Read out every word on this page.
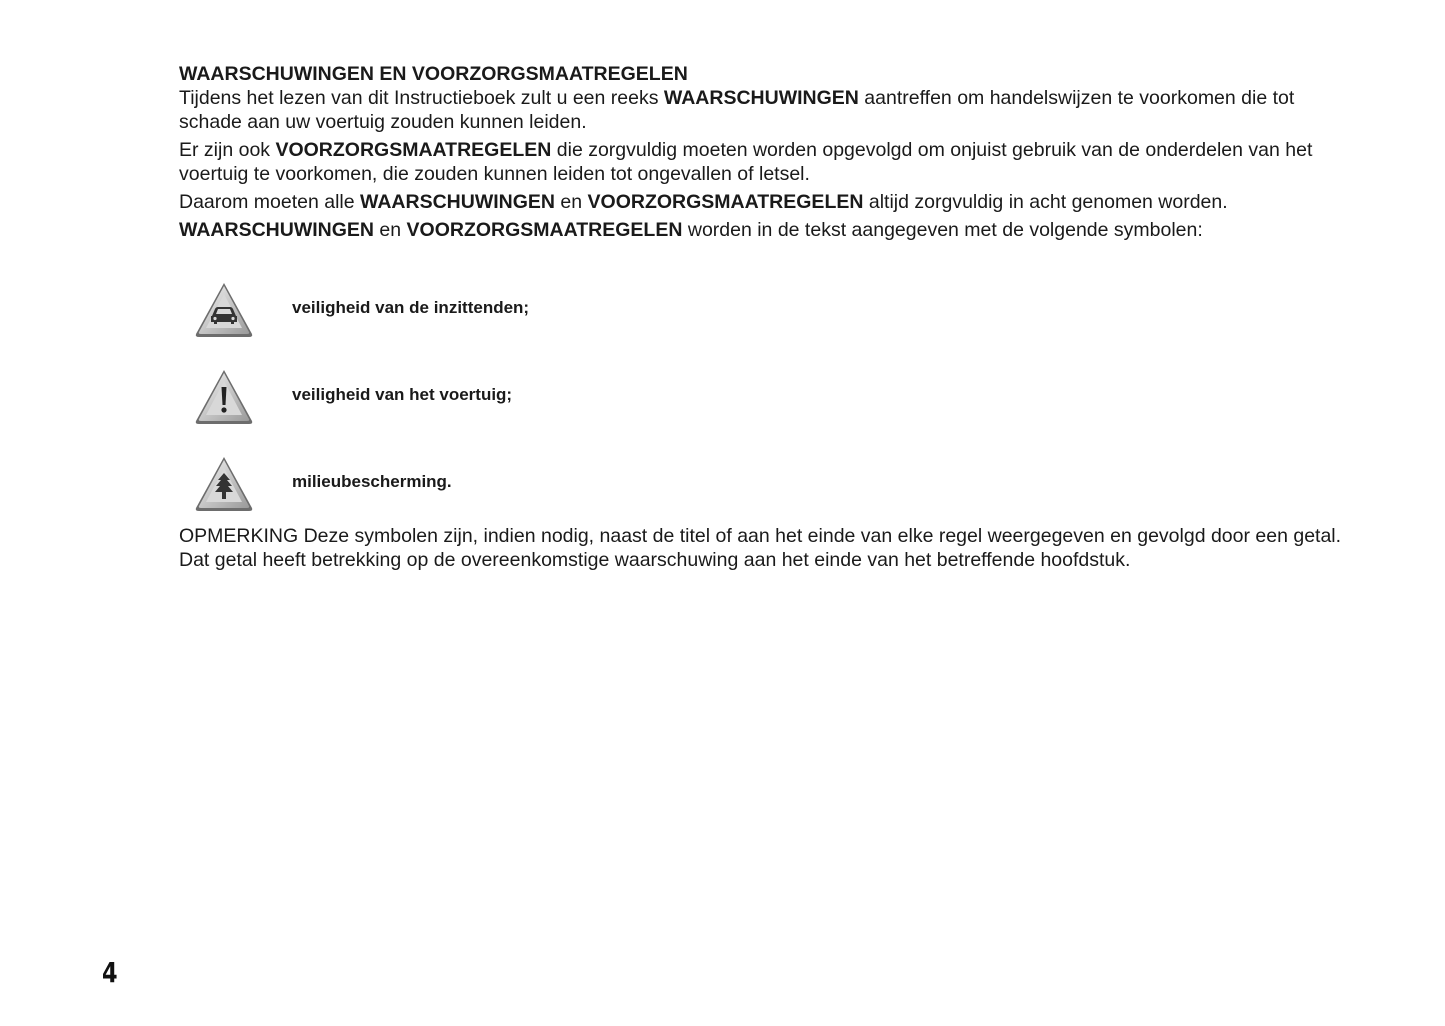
WAARSCHUWINGEN EN VOORZORGSMAATREGELEN

Tijdens het lezen van dit Instructieboek zult u een reeks WAARSCHUWINGEN aantreffen om handelswijzen te voorkomen die tot schade aan uw voertuig zouden kunnen leiden.

Er zijn ook VOORZORGSMAATREGELEN die zorgvuldig moeten worden opgevolgd om onjuist gebruik van de onderdelen van het voertuig te voorkomen, die zouden kunnen leiden tot ongevallen of letsel.

Daarom moeten alle WAARSCHUWINGEN en VOORZORGSMAATREGELEN altijd zorgvuldig in acht genomen worden.

WAARSCHUWINGEN en VOORZORGSMAATREGELEN worden in de tekst aangegeven met de volgende symbolen:

veiligheid van de inzittenden;
veiligheid van het voertuig;
milieubescherming.

OPMERKING Deze symbolen zijn, indien nodig, naast de titel of aan het einde van elke regel weergegeven en gevolgd door een getal. Dat getal heeft betrekking op de overeenkomstige waarschuwing aan het einde van het betreffende hoofdstuk.

4
